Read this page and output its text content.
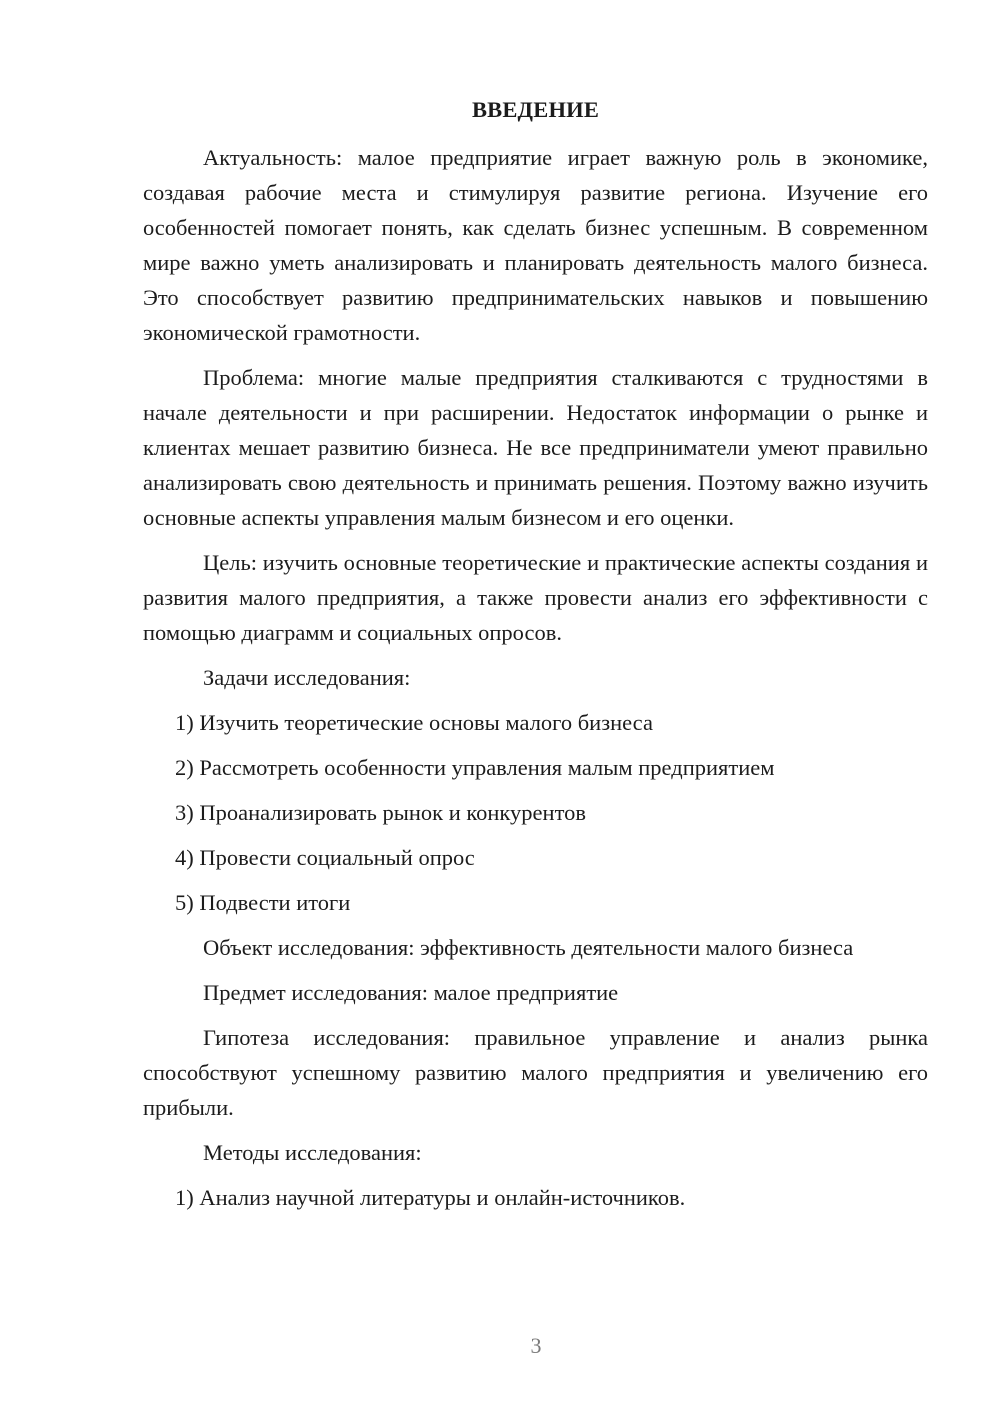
ВВЕДЕНИЕ

Актуальность: малое предприятие играет важную роль в экономике, создавая рабочие места и стимулируя развитие региона. Изучение его особенностей помогает понять, как сделать бизнес успешным. В современном мире важно уметь анализировать и планировать деятельность малого бизнеса. Это способствует развитию предпринимательских навыков и повышению экономической грамотности.

Проблема: многие малые предприятия сталкиваются с трудностями в начале деятельности и при расширении. Недостаток информации о рынке и клиентах мешает развитию бизнеса. Не все предприниматели умеют правильно анализировать свою деятельность и принимать решения. Поэтому важно изучить основные аспекты управления малым бизнесом и его оценки.

Цель: изучить основные теоретические и практические аспекты создания и развития малого предприятия, а также провести анализ его эффективности с помощью диаграмм и социальных опросов.

Задачи исследования:

1) Изучить теоретические основы малого бизнеса

2) Рассмотреть особенности управления малым предприятием

3) Проанализировать рынок и конкурентов

4) Провести социальный опрос

5) Подвести итоги

Объект исследования: эффективность деятельности малого бизнеса

Предмет исследования: малое предприятие

Гипотеза исследования: правильное управление и анализ рынка способствуют успешному развитию малого предприятия и увеличению его прибыли.

Методы исследования:

1) Анализ научной литературы и онлайн-источников.

3
